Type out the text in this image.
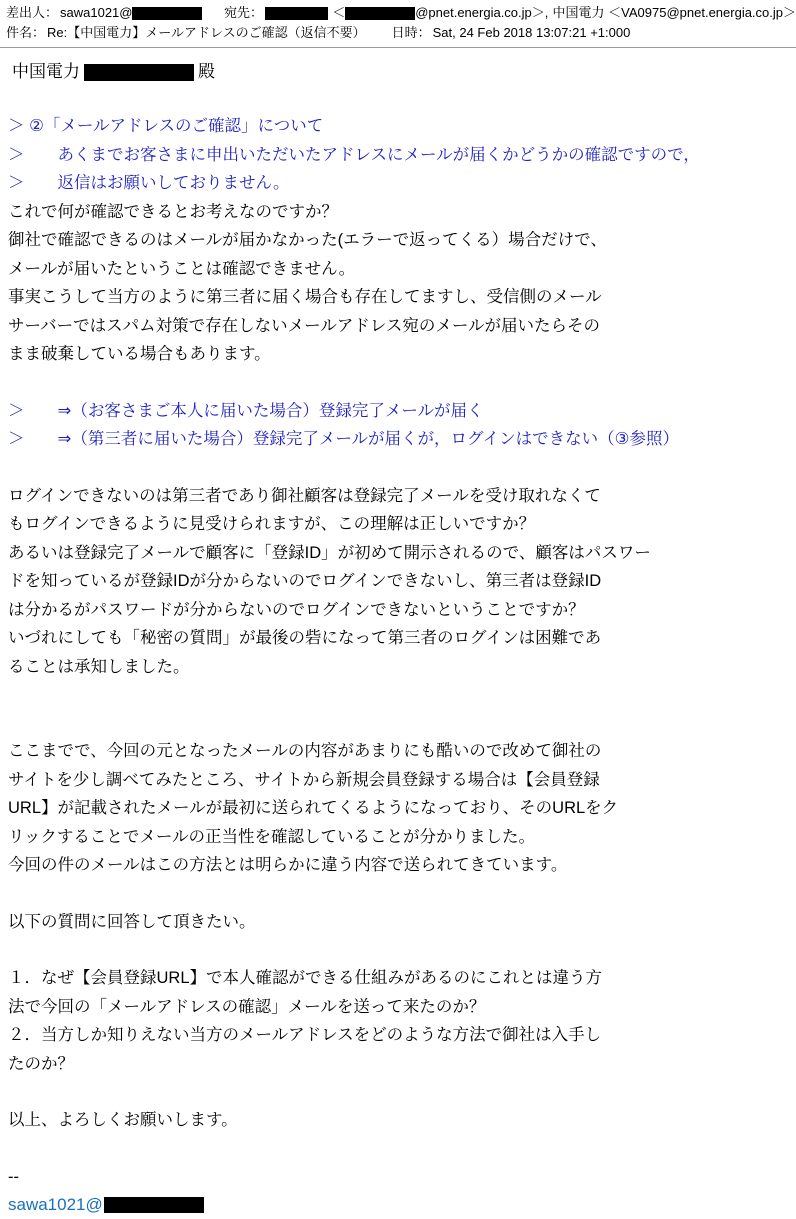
差出人： sawa1021@	宛先：	＜	@pnet.energia.co.jp＞, 中国電力 ＜VA0975@pnet.energia.co.jp＞
件名： Re:【中国電力】メールアドレスのご確認（返信不要） 日時： Sat, 24 Feb 2018 13:07:21 +1:000
中国電力	殿
＞ ②「メールアドレスのご確認」について
＞　　あくまでお客さまに申出いただいたアドレスにメールが届くかどうかの確認ですので，
＞　　返信はお願いしておりません。
これで何が確認できるとお考えなのですか？
御社で確認できるのはメールが届かなかった(エラーで返ってくる）場合だけで、
メールが届いたということは確認できません。
事実こうして当方のように第三者に届く場合も存在してますし、受信側のメール
サーバーではスパム対策で存在しないメールアドレス宛のメールが届いたらその
まま破棄している場合もあります。
＞　　⇒（お客さまご本人に届いた場合）登録完了メールが届く
＞　　⇒（第三者に届いた場合）登録完了メールが届くが，ログインはできない（③参照）
ログインできないのは第三者であり御社顧客は登録完了メールを受け取れなくて
もログインできるように見受けられますが、この理解は正しいですか？
あるいは登録完了メールで顧客に「登録ID」が初めて開示されるので、顧客はパスワー
ドを知っているが登録IDが分からないのでログインできないし、第三者は登録ID
は分かるがパスワードが分からないのでログインできないということですか？
いづれにしても「秘密の質問」が最後の砦になって第三者のログインは困難であ
ることは承知しました。
ここまでで、今回の元となったメールの内容があまりにも酷いので改めて御社の
サイトを少し調べてみたところ、サイトから新規会員登録する場合は【会員登録
URL】が記載されたメールが最初に送られてくるようになっており、そのURLをク
リックすることでメールの正当性を確認していることが分かりました。
今回の件のメールはこの方法とは明らかに違う内容で送られてきています。
以下の質問に回答して頂きたい。
１．なぜ【会員登録URL】で本人確認ができる仕組みがあるのにこれとは違う方
法で今回の「メールアドレスの確認」メールを送って来たのか？
２．当方しか知りえない当方のメールアドレスをどのような方法で御社は入手し
たのか？
以上、よろしくお願いします。
--
sawa1021@
